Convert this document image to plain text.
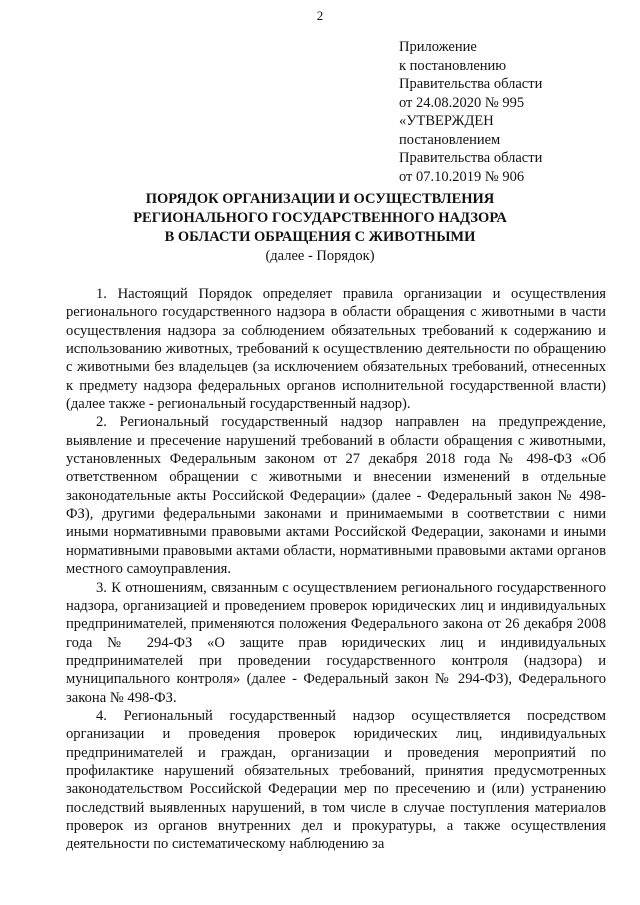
2
Приложение
к постановлению
Правительства области
от 24.08.2020 № 995
«УТВЕРЖДЕН
постановлением
Правительства области
от 07.10.2019 № 906
ПОРЯДОК ОРГАНИЗАЦИИ И ОСУЩЕСТВЛЕНИЯ
РЕГИОНАЛЬНОГО ГОСУДАРСТВЕННОГО НАДЗОРА
В ОБЛАСТИ ОБРАЩЕНИЯ С ЖИВОТНЫМИ
(далее - Порядок)

1. Настоящий Порядок определяет правила организации и осуществления регионального государственного надзора в области обращения с животными в части осуществления надзора за соблюдением обязательных требований к содержанию и использованию животных, требований к осуществлению деятельности по обращению с животными без владельцев (за исключением обязательных требований, отнесенных к предмету надзора федеральных органов исполнительной государственной власти) (далее также - региональный государственный надзор).

2. Региональный государственный надзор направлен на предупреждение, выявление и пресечение нарушений требований в области обращения с животными, установленных Федеральным законом от 27 декабря 2018 года № 498-ФЗ «Об ответственном обращении с животными и внесении изменений в отдельные законодательные акты Российской Федерации» (далее - Федеральный закон № 498-ФЗ), другими федеральными законами и принимаемыми в соответствии с ними иными нормативными правовыми актами Российской Федерации, законами и иными нормативными правовыми актами области, нормативными правовыми актами органов местного самоуправления.

3. К отношениям, связанным с осуществлением регионального государственного надзора, организацией и проведением проверок юридических лиц и индивидуальных предпринимателей, применяются положения Федерального закона от 26 декабря 2008 года № 294-ФЗ «О защите прав юридических лиц и индивидуальных предпринимателей при проведении государственного контроля (надзора) и муниципального контроля» (далее - Федеральный закон № 294-ФЗ), Федерального закона № 498-ФЗ.

4. Региональный государственный надзор осуществляется посредством организации и проведения проверок юридических лиц, индивидуальных предпринимателей и граждан, организации и проведения мероприятий по профилактике нарушений обязательных требований, принятия предусмотренных законодательством Российской Федерации мер по пресечению и (или) устранению последствий выявленных нарушений, в том числе в случае поступления материалов проверок из органов внутренних дел и прокуратуры, а также осуществления деятельности по систематическому наблюдению за
